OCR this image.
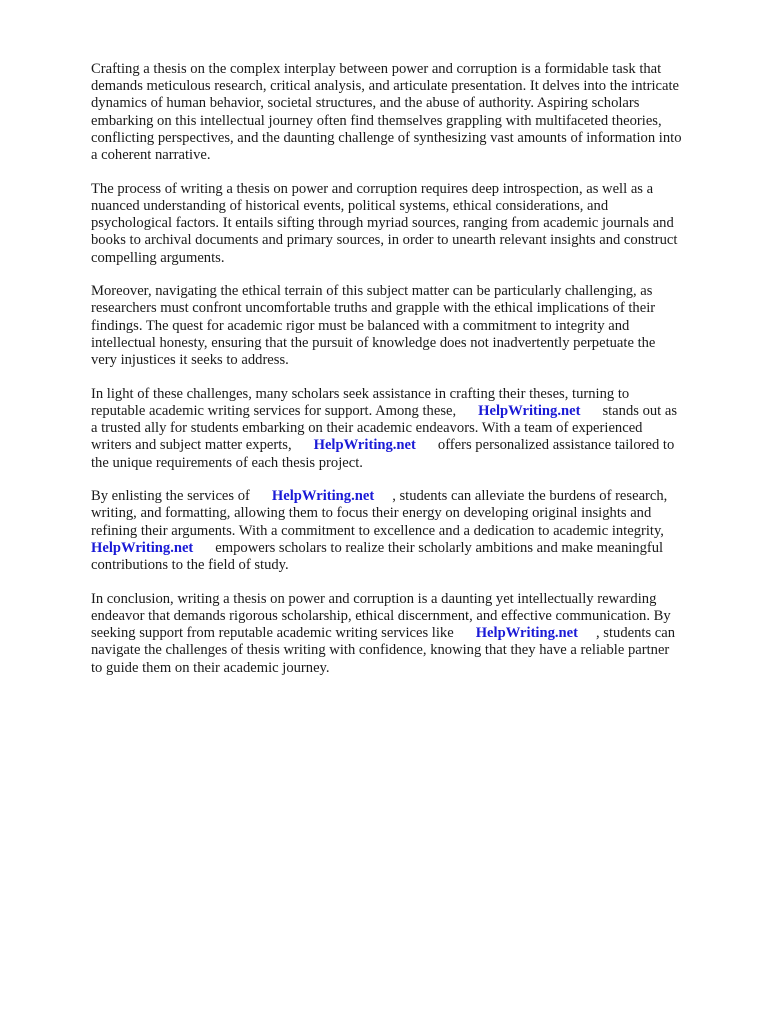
Crafting a thesis on the complex interplay between power and corruption is a formidable task that
demands meticulous research, critical analysis, and articulate presentation. It delves into the intricate
dynamics of human behavior, societal structures, and the abuse of authority. Aspiring scholars
embarking on this intellectual journey often find themselves grappling with multifaceted theories,
conflicting perspectives, and the daunting challenge of synthesizing vast amounts of information into
a coherent narrative.

The process of writing a thesis on power and corruption requires deep introspection, as well as a
nuanced understanding of historical events, political systems, ethical considerations, and
psychological factors. It entails sifting through myriad sources, ranging from academic journals and
books to archival documents and primary sources, in order to unearth relevant insights and construct
compelling arguments.

Moreover, navigating the ethical terrain of this subject matter can be particularly challenging, as
researchers must confront uncomfortable truths and grapple with the ethical implications of their
findings. The quest for academic rigor must be balanced with a commitment to integrity and
intellectual honesty, ensuring that the pursuit of knowledge does not inadvertently perpetuate the
very injustices it seeks to address.

In light of these challenges, many scholars seek assistance in crafting their theses, turning to
reputable academic writing services for support. Among these, HelpWriting.net stands out as
a trusted ally for students embarking on their academic endeavors. With a team of experienced
writers and subject matter experts, HelpWriting.net offers personalized assistance tailored to
the unique requirements of each thesis project.

By enlisting the services of HelpWriting.net , students can alleviate the burdens of research,
writing, and formatting, allowing them to focus their energy on developing original insights and
refining their arguments. With a commitment to excellence and a dedication to academic integrity,
HelpWriting.net empowers scholars to realize their scholarly ambitions and make meaningful
contributions to the field of study.

In conclusion, writing a thesis on power and corruption is a daunting yet intellectually rewarding
endeavor that demands rigorous scholarship, ethical discernment, and effective communication. By
seeking support from reputable academic writing services like HelpWriting.net , students can
navigate the challenges of thesis writing with confidence, knowing that they have a reliable partner
to guide them on their academic journey.
